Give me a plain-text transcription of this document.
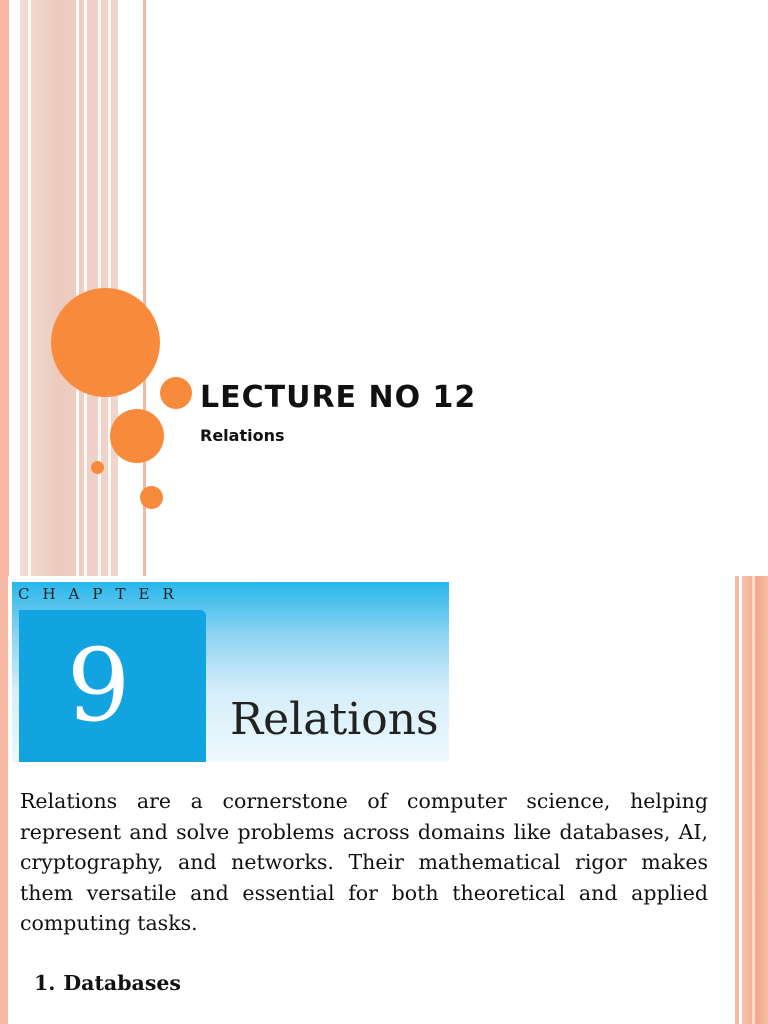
LECTURE NO 12
Relations
CHAPTER
9	Relations

Relations are a cornerstone of computer science, helping represent and solve problems across domains like databases, AI, cryptography, and networks. Their mathematical rigor makes them versatile and essential for both theoretical and applied computing tasks.

1. Databases
